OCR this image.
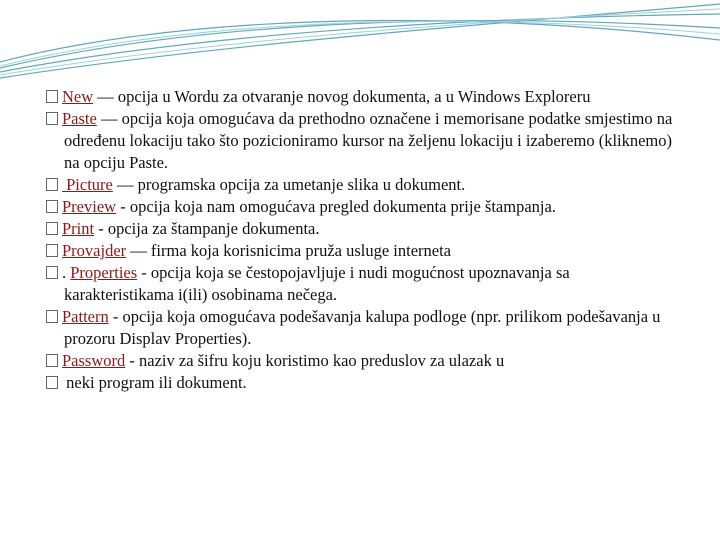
New — opcija u Wordu za otvaranje novog dokumenta, a u Windows Exploreru

Paste — opcija koja omogućava da prethodno označene i memorisane podatke smjestimo na određenu lokaciju tako što pozicioniramo kursor na željenu lokaciju i izaberemo (kliknemo) na opciju Paste.

Picture — programska opcija za umetanje slika u dokument.

Preview - opcija koja nam omogućava pregled dokumenta prije štampanja.

Print - opcija za štampanje dokumenta.

Provajder — firma koja korisnicima pruža usluge interneta

. Properties - opcija koja se čestopojavljuje i nudi mogućnost upoznavanja sa karakteristikama i(ili) osobinama nečega.

Pattern - opcija koja omogućava podešavanja kalupa podloge (npr. prilikom podešavanja u prozoru Displav Properties).

Password - naziv za šifru koju koristimo kao preduslov za ulazak u

neki program ili dokument.
